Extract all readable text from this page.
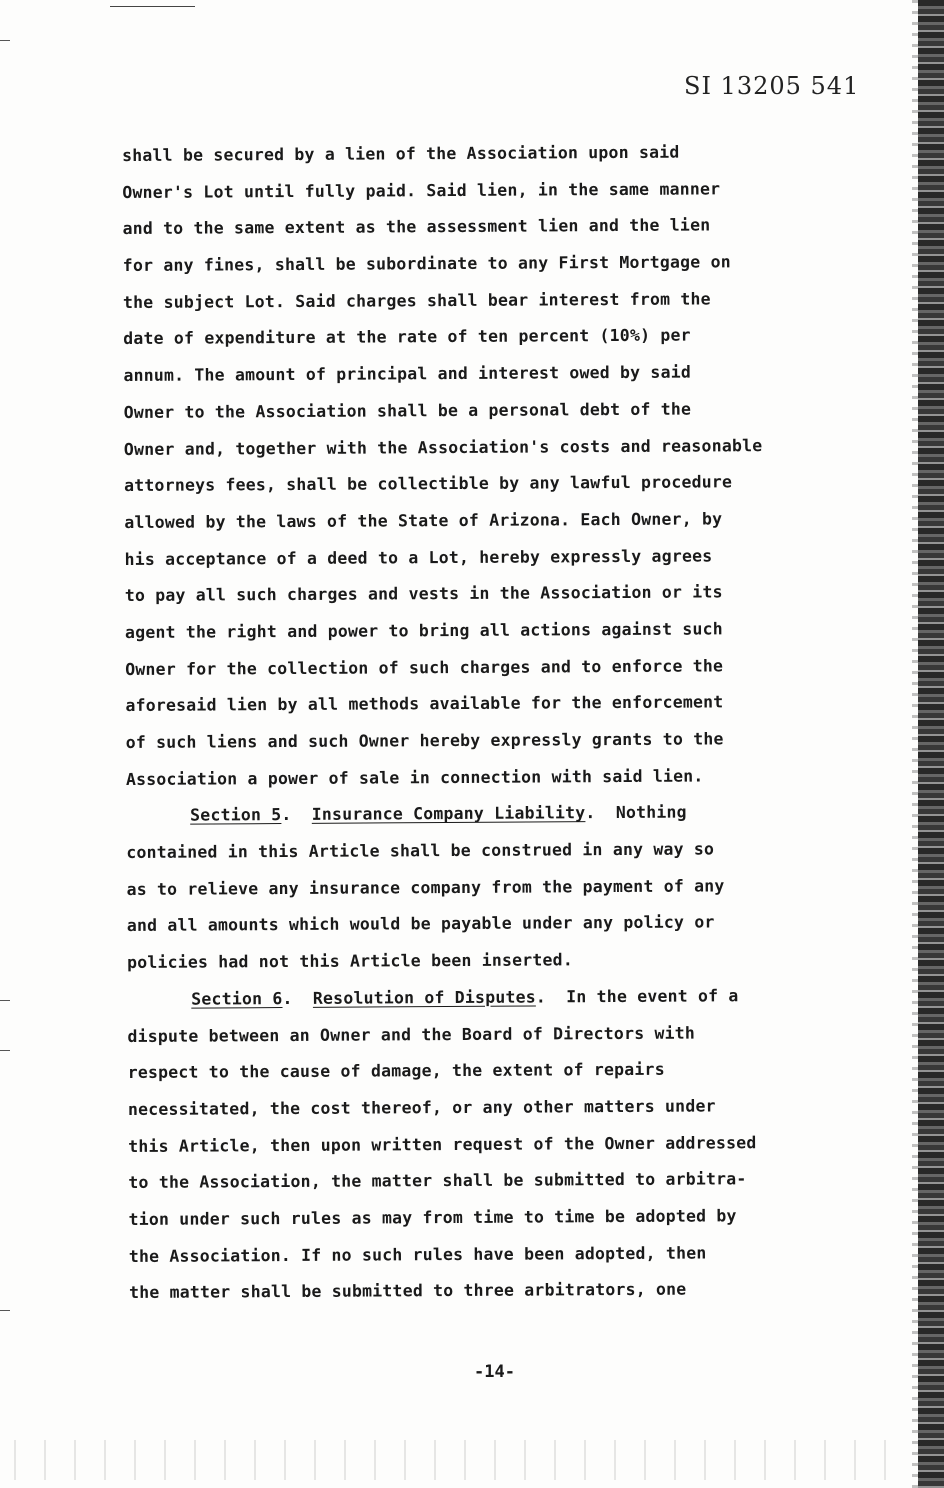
SI 13205 541
shall be secured by a lien of the Association upon said
Owner's Lot until fully paid. Said lien, in the same manner
and to the same extent as the assessment lien and the lien
for any fines, shall be subordinate to any First Mortgage on
the subject Lot. Said charges shall bear interest from the
date of expenditure at the rate of ten percent (10%) per
annum. The amount of principal and interest owed by said
Owner to the Association shall be a personal debt of the
Owner and, together with the Association's costs and reasonable
attorneys fees, shall be collectible by any lawful procedure
allowed by the laws of the State of Arizona. Each Owner, by
his acceptance of a deed to a Lot, hereby expressly agrees
to pay all such charges and vests in the Association or its
agent the right and power to bring all actions against such
Owner for the collection of such charges and to enforce the
aforesaid lien by all methods available for the enforcement
of such liens and such Owner hereby expressly grants to the
Association a power of sale in connection with said lien.
Section 5.  Insurance Company Liability.  Nothing
contained in this Article shall be construed in any way so
as to relieve any insurance company from the payment of any
and all amounts which would be payable under any policy or
policies had not this Article been inserted.
Section 6.  Resolution of Disputes.  In the event of a
dispute between an Owner and the Board of Directors with
respect to the cause of damage, the extent of repairs
necessitated, the cost thereof, or any other matters under
this Article, then upon written request of the Owner addressed
to the Association, the matter shall be submitted to arbitra-
tion under such rules as may from time to time be adopted by
the Association. If no such rules have been adopted, then
the matter shall be submitted to three arbitrators, one
-14-
